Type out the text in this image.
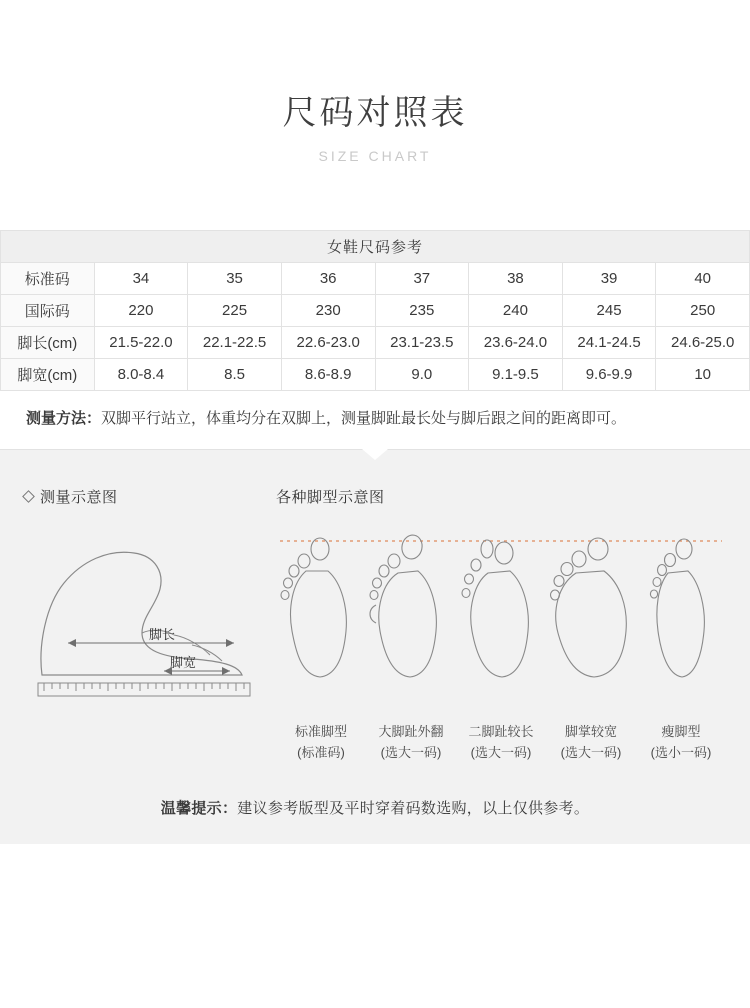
尺码对照表
SIZE CHART
女鞋尺码参考							
标准码	34	35	36	37	38	39	40
国际码	220	225	230	235	240	245	250
脚长(cm)	21.5-22.0	22.1-22.5	22.6-23.0	23.1-23.5	23.6-24.0	24.1-24.5	24.6-25.0
脚宽(cm)	8.0-8.4	8.5	8.6-8.9	9.0	9.1-9.5	9.6-9.9	10
测量方法：双脚平行站立，体重均分在双脚上，测量脚趾最长处与脚后跟之间的距离即可。
测量示意图
脚长
脚宽
各种脚型示意图
标准脚型
(标准码)
大脚趾外翻
(选大一码)
二脚趾较长
(选大一码)
脚掌较宽
(选大一码)
瘦脚型
(选小一码)
温馨提示：建议参考版型及平时穿着码数选购，以上仅供参考。
